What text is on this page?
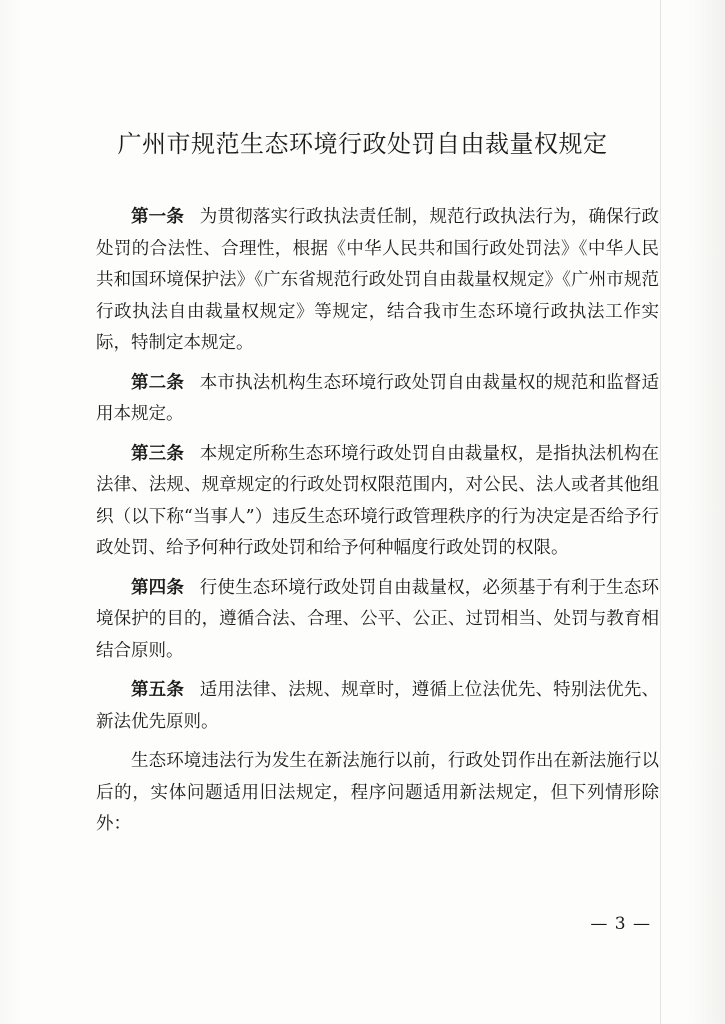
广州市规范生态环境行政处罚自由裁量权规定

第一条 为贯彻落实行政执法责任制，规范行政执法行为，确保行政处罚的合法性、合理性，根据《中华人民共和国行政处罚法》《中华人民共和国环境保护法》《广东省规范行政处罚自由裁量权规定》《广州市规范行政执法自由裁量权规定》等规定，结合我市生态环境行政执法工作实际，特制定本规定。

第二条 本市执法机构生态环境行政处罚自由裁量权的规范和监督适用本规定。

第三条 本规定所称生态环境行政处罚自由裁量权，是指执法机构在法律、法规、规章规定的行政处罚权限范围内，对公民、法人或者其他组织（以下称“当事人”）违反生态环境行政管理秩序的行为决定是否给予行政处罚、给予何种行政处罚和给予何种幅度行政处罚的权限。

第四条 行使生态环境行政处罚自由裁量权，必须基于有利于生态环境保护的目的，遵循合法、合理、公平、公正、过罚相当、处罚与教育相结合原则。

第五条 适用法律、法规、规章时，遵循上位法优先、特别法优先、新法优先原则。

生态环境违法行为发生在新法施行以前，行政处罚作出在新法施行以后的，实体问题适用旧法规定，程序问题适用新法规定，但下列情形除外：

— 3 —
